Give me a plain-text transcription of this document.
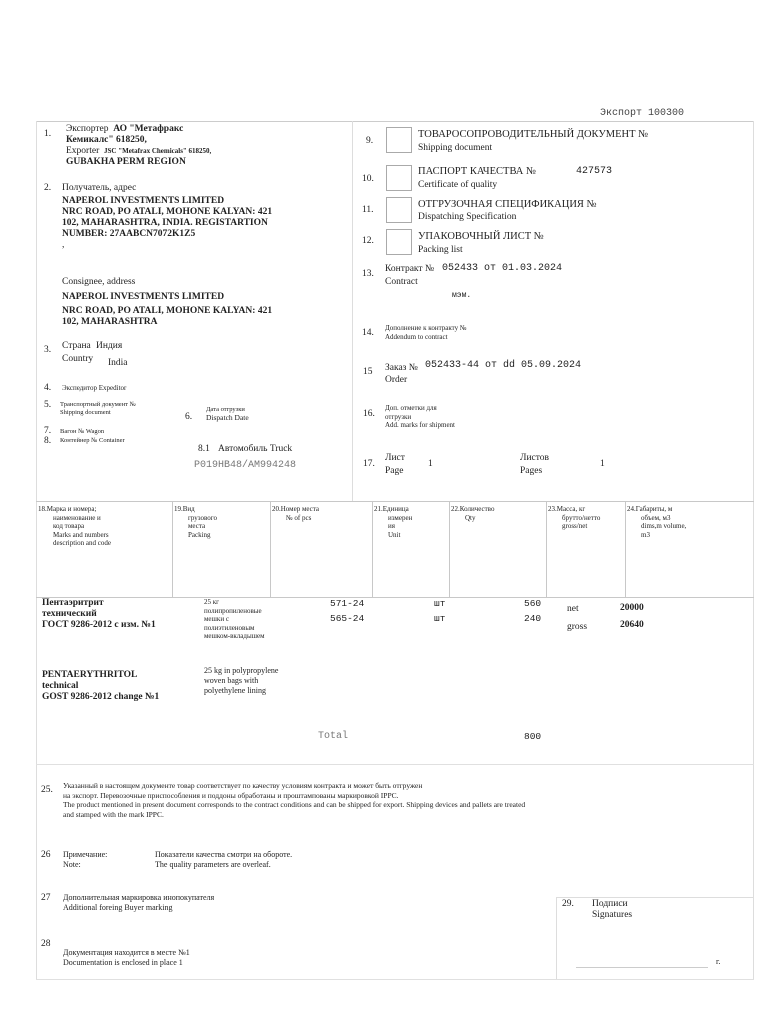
Экспорт 100300
1. Экспортер АО "Метафракс
Кемикалс" 618250,
Exporter JSC "Metafrax Chemicals" 618250,
GUBAKHA PERM REGION
2. Получатель, адрес
NAPEROL INVESTMENTS LIMITED
NRC ROAD, PO ATALI, MOHONE KALYAN: 421
102, MAHARASHTRA, INDIA. REGISTARTION
NUMBER: 27AABCN7072K1Z5
,
Consignee, address
NAPEROL INVESTMENTS LIMITED
NRC ROAD, PO ATALI, MOHONE KALYAN: 421
102, MAHARASHTRA
3. Страна Индия
Country India
4. Экспедитор Expeditor
5. Транспортный документ №
Shipping document	6.
Дата отгрузки
Dispatch Date
7. Вагон № Wagon
8. Контейнер № Container
8.1 Автомобиль Truck
P019HB48/AM994248
9.
ТОВАРОСОПРОВОДИТЕЛЬНЫЙ ДОКУМЕНТ №
Shipping document
10.
ПАСПОРТ КАЧЕСТВА №	427573
Certificate of quality
11.	ОТГРУЗОЧНАЯ СПЕЦИФИКАЦИЯ №
Dispatching Specification
12.	УПАКОВОЧНЫЙ ЛИСТ №
Packing list
13. Контракт № 052433 от 01.03.2024
Contract
мэм.
14. Дополнение к контракту №
Addendum to contract
15 Заказ № 052433-44 от dd 05.09.2024
Order
16.
Доп. отметки для
отгрузки
Add. marks for shipment
17.
Лист
Page
1
Листов
Pages
1
18.Марка и номера;
наименование и
код товара
Marks and numbers
description and code
19.Вид
грузового
места
Packing
20.Номер места
№ of pcs
21.Единица
измерен
ия
Unit
22.Количество
Qty
23.Масса, кг
брутто/нетто
gross/net
24.Габариты, м
объем, м3
dims,m volume,
m3
Пентаэритрит
технический
ГОСТ 9286-2012 с изм. №1
25 кг
полипропиленовые
мешки с
полиэтиленовым
мешком-вкладышем
571-24	шт	560
565-24	шт	240
net	20000
gross	20640
PENTAERYTHRITOL
technical
GOST 9286-2012 change №1
25 kg in polypropylene
woven bags with
polyethylene lining
Total	800
25. Указанный в настоящем документе товар соответствует по качеству условиям контракта и может быть отгружен
на экспорт. Перевозочные приспособления и поддоны обработаны и проштампованы маркировкой IPPC.
The product mentioned in present document corresponds to the contract conditions and can be shipped for export. Shipping devices and pallets are treated
and stamped with the mark IPPC.
26 Примечание:
Note:
Показатели качества смотри на обороте.
The quality parameters are overleaf.
27 Дополнительная маркировка инопокупателя
Additional foreing Buyer marking
28
Документация находится в месте №1
Documentation is enclosed in place 1
29. Подписи
Signatures
г.
